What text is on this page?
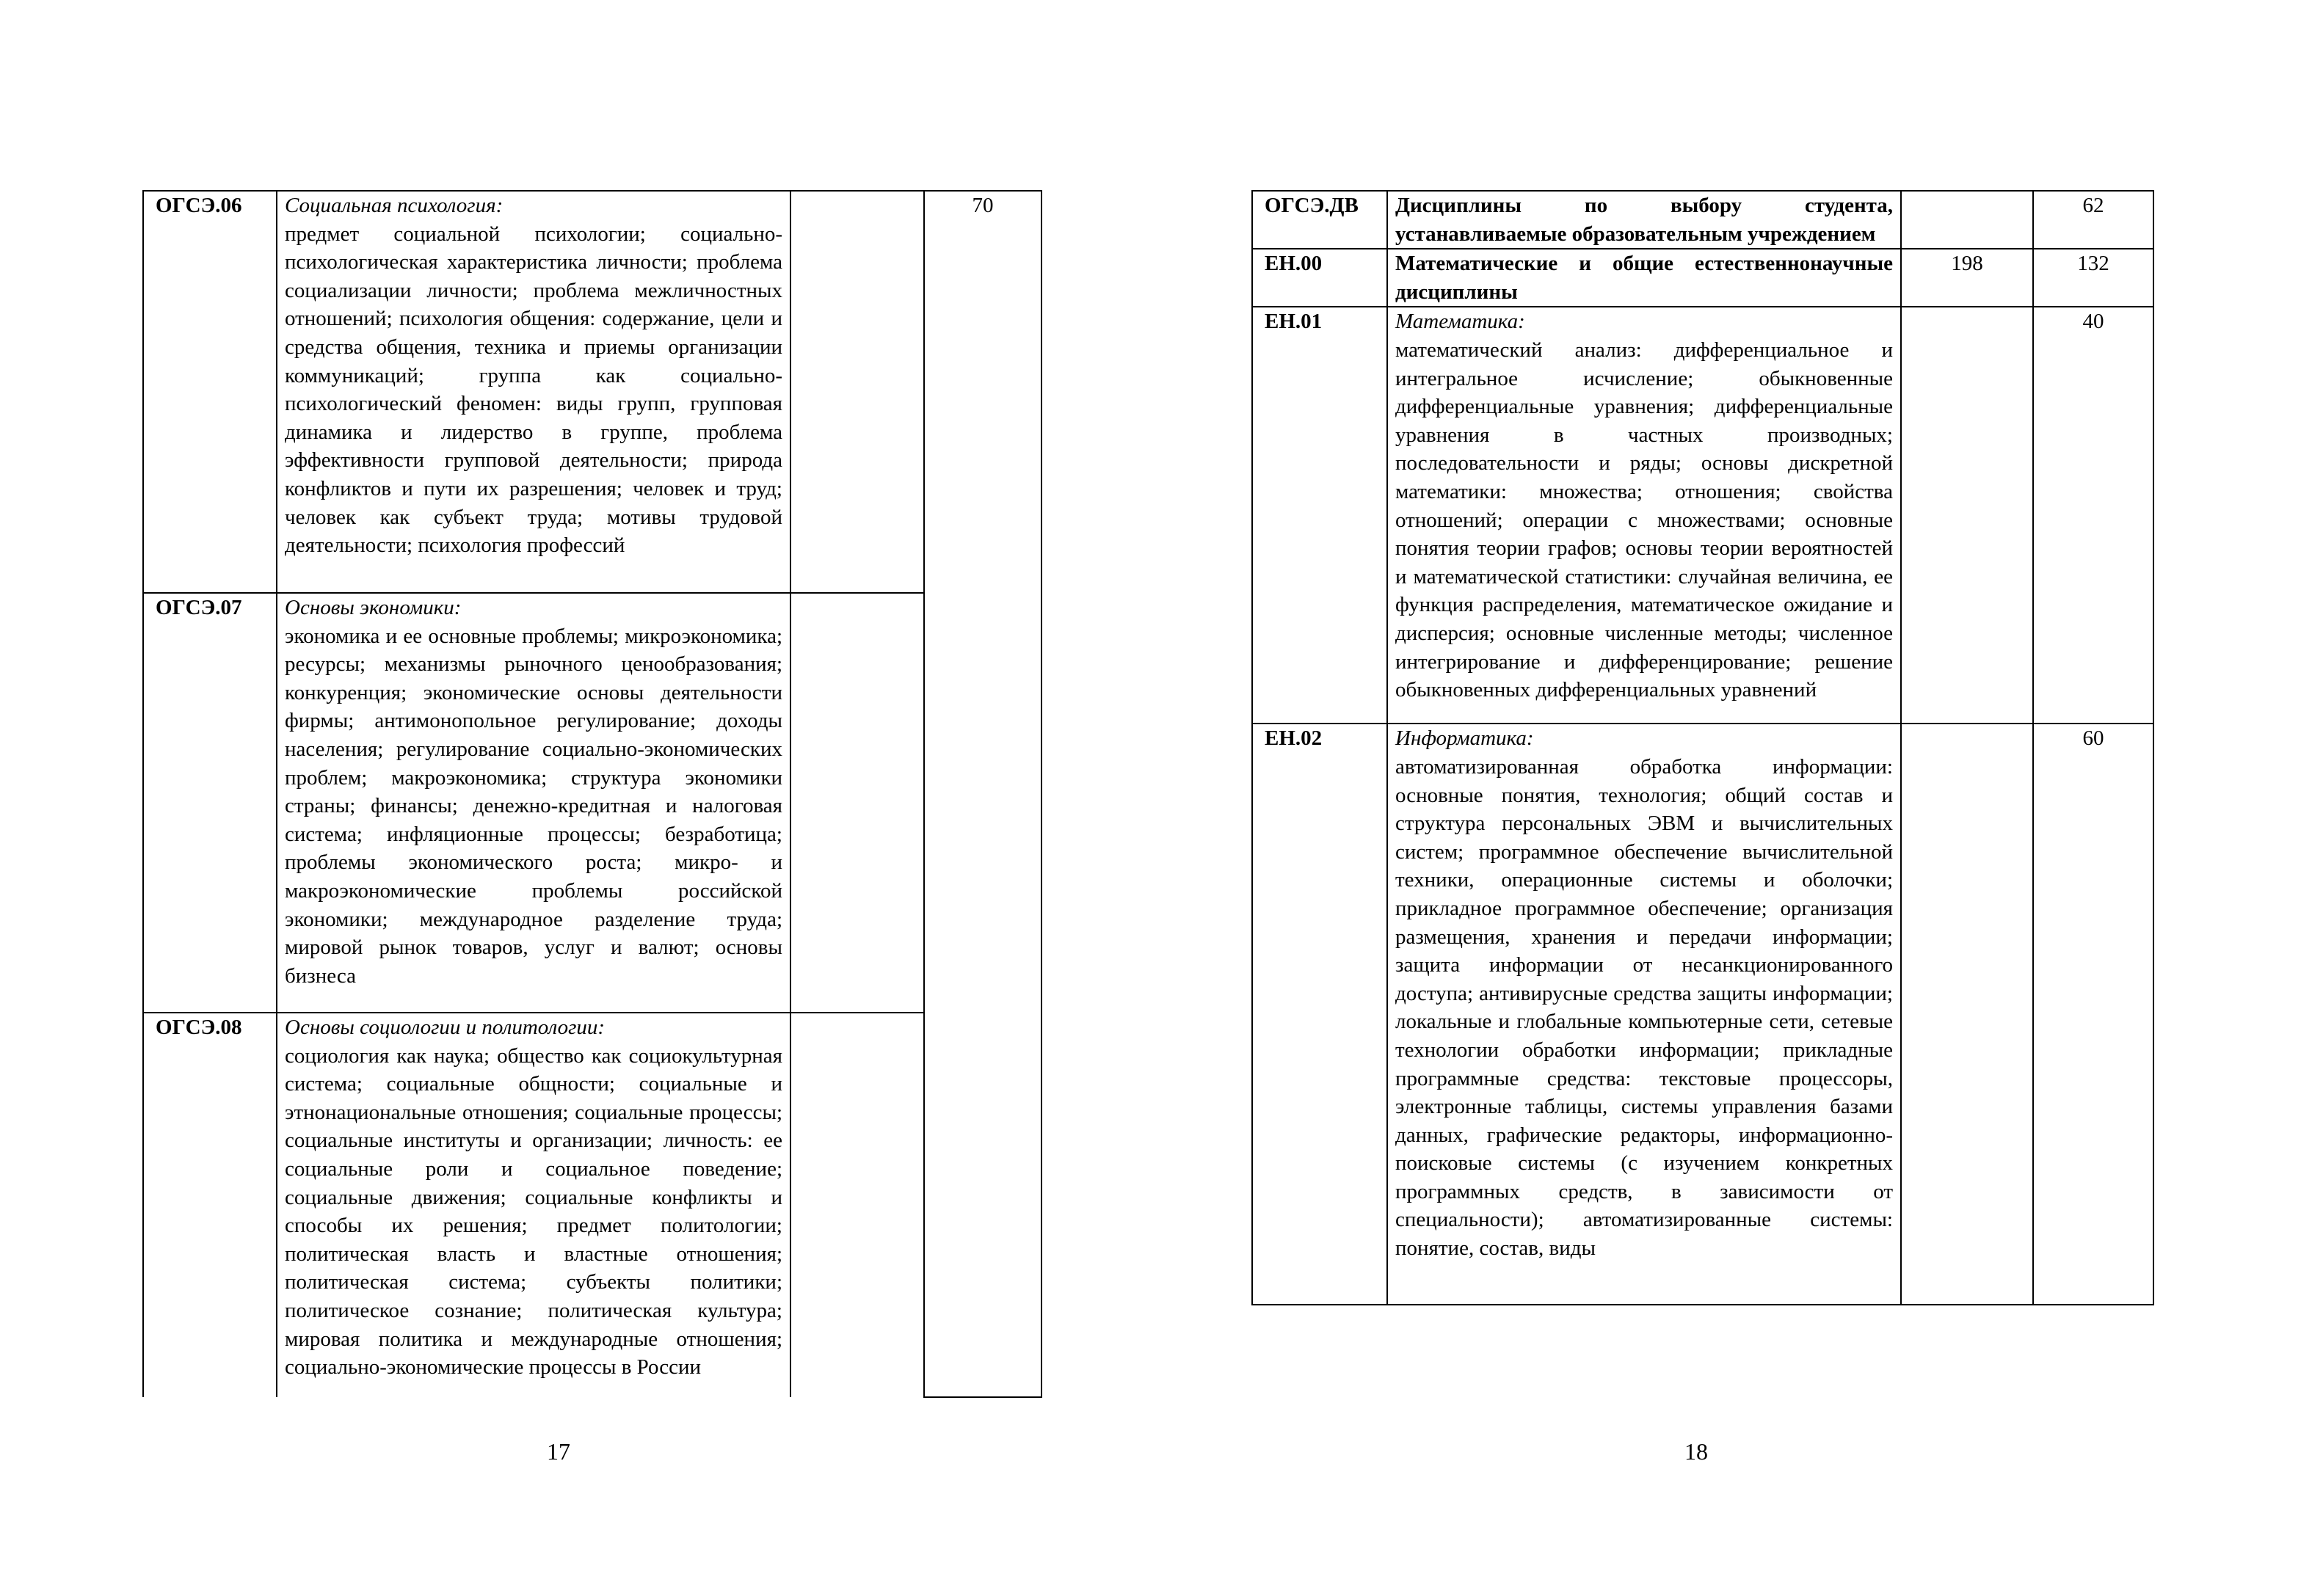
ОГСЭ.06	Социальная психология:
предмет социальной психологии; социально-психологическая характеристика личности; проблема социализации личности; проблема межличностных отношений; психология общения: содержание, цели и средства общения, техника и приемы организации коммуникаций; группа как социально-психологический феномен: виды групп, групповая динамика и лидерство в группе, проблема эффективности групповой деятельности; природа конфликтов и пути их разрешения; человек и труд; человек как субъект труда; мотивы трудовой деятельности; психология профессий		70
ОГСЭ.07	Основы экономики:
экономика и ее основные проблемы; микроэкономика; ресурсы; механизмы рыночного ценообразования; конкуренция; экономические основы деятельности фирмы; антимонопольное регулирование; доходы населения; регулирование социально-экономических проблем; макроэкономика; структура экономики страны; финансы; денежно-кредитная и налоговая система; инфляционные процессы; безработица; проблемы экономического роста; микро- и макроэкономические проблемы российской экономики; международное разделение труда; мировой рынок товаров, услуг и валют; основы бизнеса		

ОГСЭ.08	Основы социологии и политологии:
социология как наука; общество как социокультурная система; социальные общности; социальные и этнонациональные отношения; социальные процессы; социальные институты и организации; личность: ее социальные роли и социальное поведение; социальные движения; социальные конфликты и способы их решения; предмет политологии; политическая власть и властные отношения; политическая система; субъекты политики; политическое сознание; политическая культура; мировая политика и международные отношения; социально-экономические процессы в России		

17
ОГСЭ.ДВ	Дисциплины по выбору студента, устанавливаемые образовательным учреждением		62
ЕН.00	Математические и общие естественнонаучные дисциплины	198	132
ЕН.01	Математика:
математический анализ: дифференциальное и интегральное исчисление; обыкновенные дифференциальные уравнения; дифференциальные уравнения в частных производных; последовательности и ряды; основы дискретной математики: множества; отношения; свойства отношений; операции с множествами; основные понятия теории графов; основы теории вероятностей и математической статистики: случайная величина, ее функция распределения, математическое ожидание и дисперсия; основные численные методы; численное интегрирование и дифференцирование; решение обыкновенных дифференциальных уравнений		40
ЕН.02	Информатика:
автоматизированная обработка информации: основные понятия, технология; общий состав и структура персональных ЭВМ и вычислительных систем; программное обеспечение вычислительной техники, операционные системы и оболочки; прикладное программное обеспечение; организация размещения, хранения и передачи информации; защита информации от несанкционированного доступа; антивирусные средства защиты информации; локальные и глобальные компьютерные сети, сетевые технологии обработки информации; прикладные программные средства: текстовые процессоры, электронные таблицы, системы управления базами данных, графические редакторы, информационно-поисковые системы (с изучением конкретных программных средств, в зависимости от специальности); автоматизированные системы: понятие, состав, виды		60
18
